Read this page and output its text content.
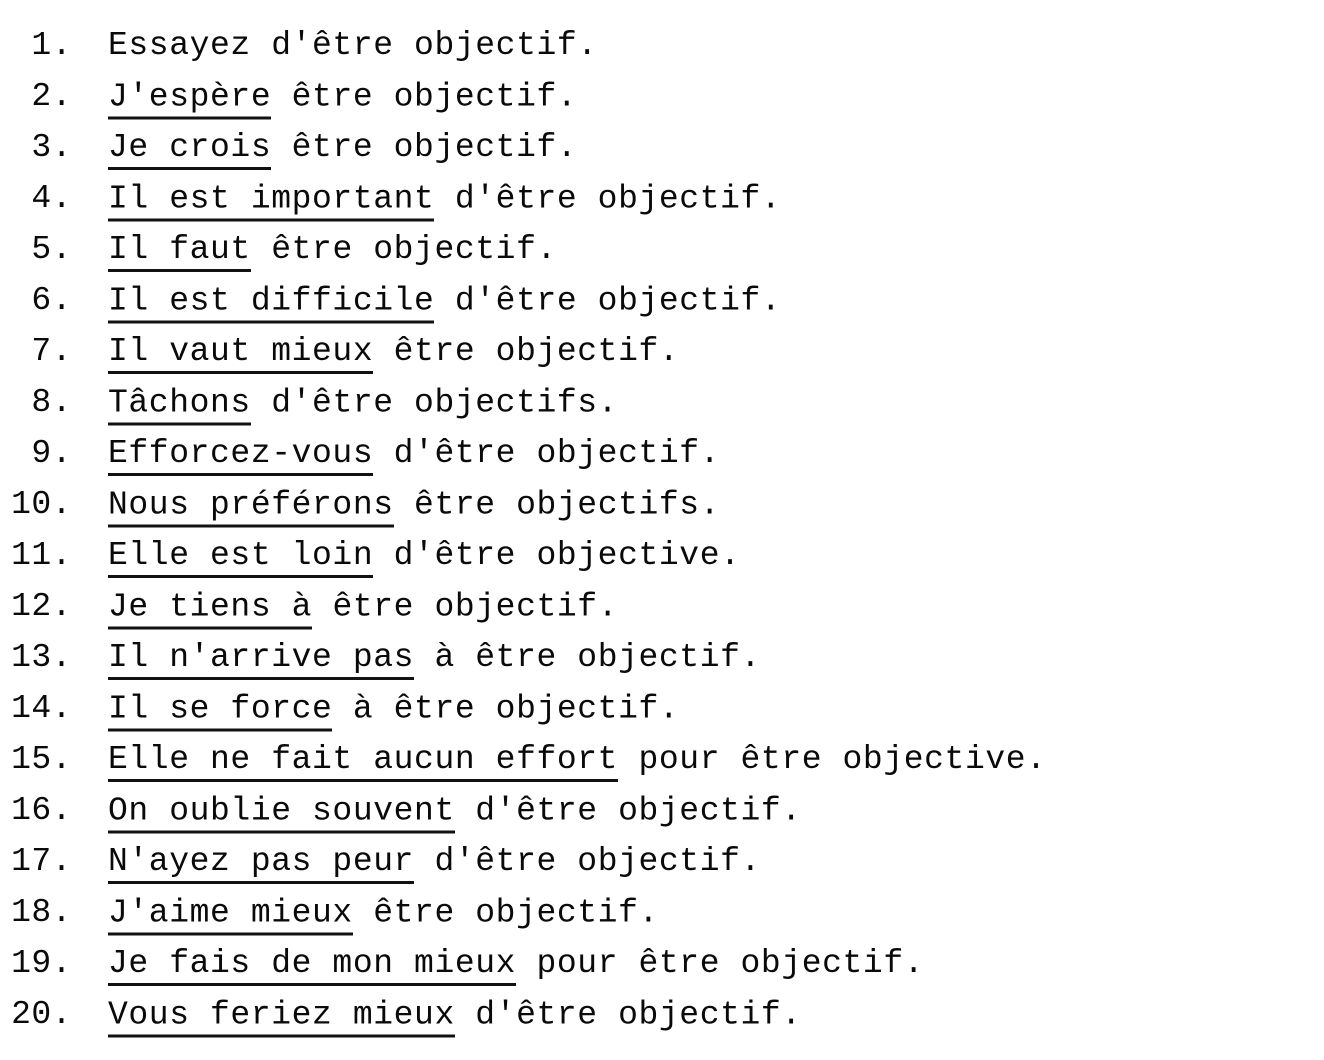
1.	Essayez d'être objectif.
2.	J'espère être objectif.
3.	Je crois être objectif.
4.	Il est important d'être objectif.
5.	Il faut être objectif.
6.	Il est difficile d'être objectif.
7.	Il vaut mieux être objectif.
8.	Tâchons d'être objectifs.
9.	Efforcez-vous d'être objectif.
10.	Nous préférons être objectifs.
11.	Elle est loin d'être objective.
12.	Je tiens à être objectif.
13.	Il n'arrive pas à être objectif.
14.	Il se force à être objectif.
15.	Elle ne fait aucun effort pour être objective.
16.	On oublie souvent d'être objectif.
17.	N'ayez pas peur d'être objectif.
18.	J'aime mieux être objectif.
19.	Je fais de mon mieux pour être objectif.
20.	Vous feriez mieux d'être objectif.
